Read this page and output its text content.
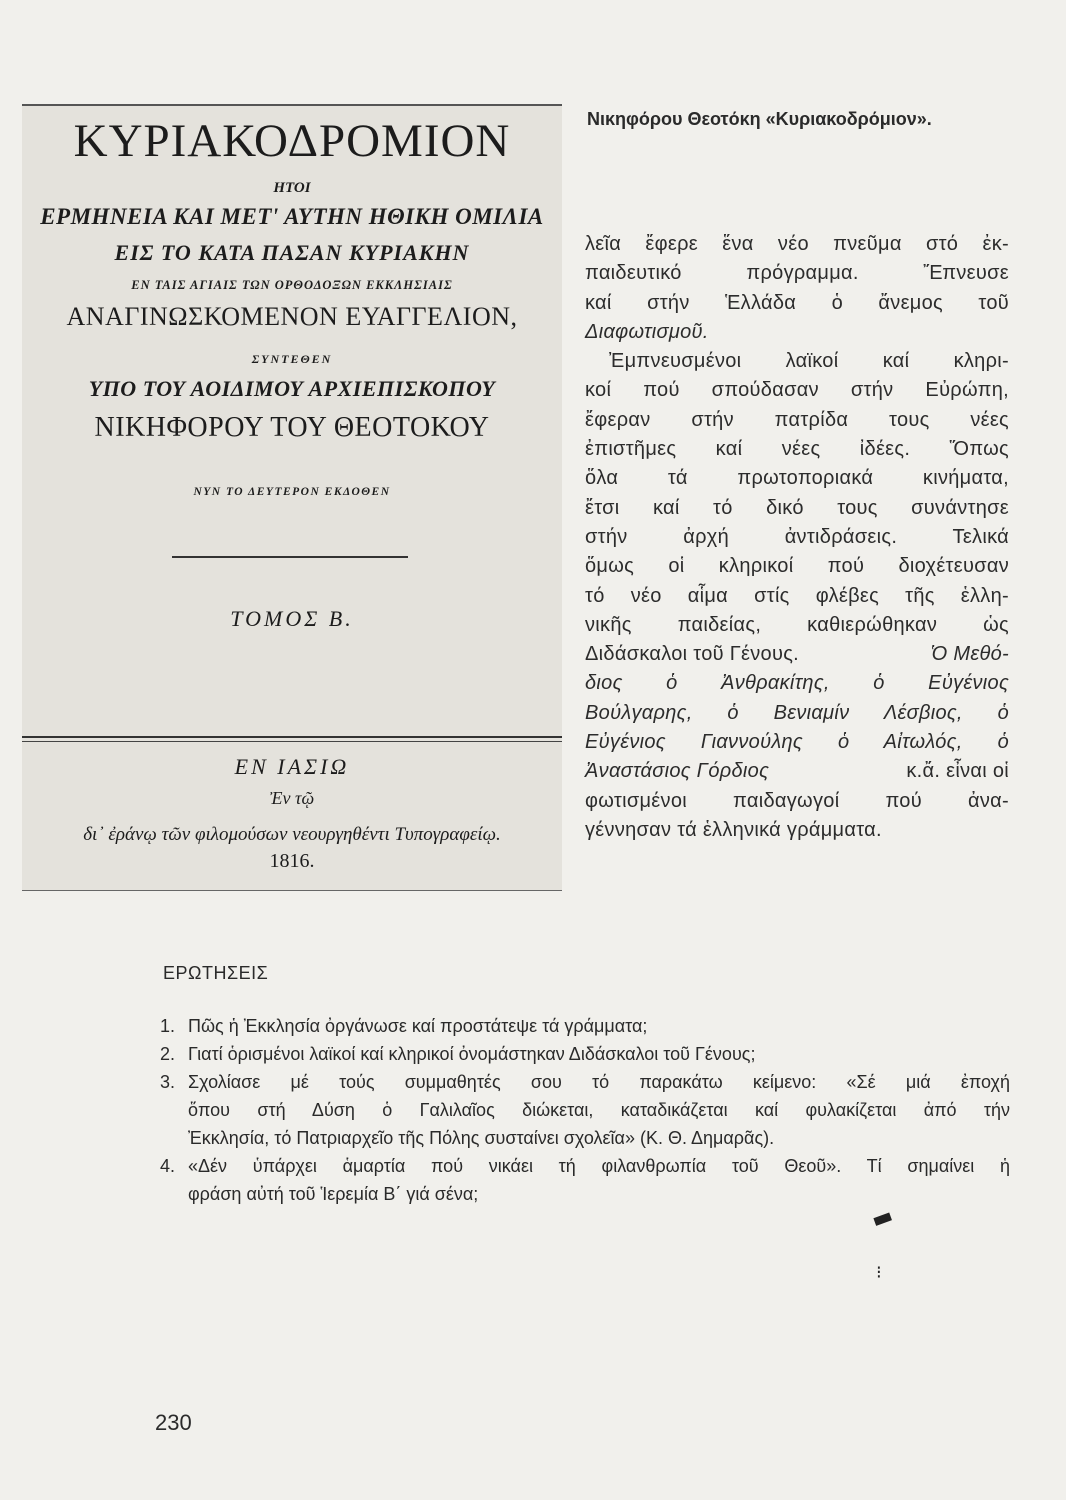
ΚΥΡΙΑΚΟΔΡΟΜΙΟΝ
ΗΤΟΙ
ΕΡΜΗΝΕΙΑ ΚΑΙ ΜΕΤ' ΑΥΤΗΝ ΗΘΙΚΗ ΟΜΙΛΙΑ
ΕΙΣ ΤΟ ΚΑΤΑ ΠΑΣΑΝ ΚΥΡΙΑΚΗΝ
ΕΝ ΤΑΙΣ ΑΓΙΑΙΣ ΤΩΝ ΟΡΘΟΔΟΞΩΝ ΕΚΚΛΗΣΙΑΙΣ
ΑΝΑΓΙΝΩΣΚΟΜΕΝΟΝ ΕΥΑΓΓΕΛΙΟΝ,
ΣΥΝΤΕΘΕΝ
ΥΠΟ ΤΟΥ ΑΟΙΔΙΜΟΥ ΑΡΧΙΕΠΙΣΚΟΠΟΥ
ΝΙΚΗΦΟΡΟΥ ΤΟΥ ΘΕΟΤΟΚΟΥ
ΝΥΝ ΤΟ ΔΕΥΤΕΡΟΝ ΕΚΔΟΘΕΝ
ΤΟΜΟΣ Β.
ΕΝ ΙΑΣΙΩ
Ἐν τῷ
δι᾽ ἐράνῳ τῶν φιλομούσων νεουργηθέντι Τυπογραφείῳ.
1816.
Νικηφόρου Θεοτόκη «Κυριακοδρόμιον».
λεῖα ἔφερε ἕνα νέο πνεῦμα στό ἐκ-
παιδευτικό πρόγραμμα. Ἔπνευσε
καί στήν Ἑλλάδα ὁ ἄνεμος τοῦ
Διαφωτισμοῦ.
Ἐμπνευσμένοι λαϊκοί καί κληρι-
κοί πού σπούδασαν στήν Εὐρώπη,
ἔφεραν στήν πατρίδα τους νέες
ἐπιστῆμες καί νέες ἰδέες. Ὅπως
ὅλα τά πρωτοποριακά κινήματα,
ἔτσι καί τό δικό τους συνάντησε
στήν ἀρχή ἀντιδράσεις. Τελικά
ὅμως οἱ κληρικοί πού διοχέτευσαν
τό νέο αἷμα στίς φλέβες τῆς ἑλλη-
νικῆς παιδείας, καθιερώθηκαν ὡς
Διδάσκαλοι τοῦ Γένους.	Ὁ Μεθό-
διος ὁ Ἀνθρακίτης, ὁ Εὐγένιος
Βούλγαρης, ὁ Βενιαμίν Λέσβιος, ὁ
Εὐγένιος Γιαννούλης ὁ Αἰτωλός, ὁ
Ἀναστάσιος Γόρδιος	κ.ἄ. εἶναι οἱ
φωτισμένοι παιδαγωγοί πού ἀνα-
γέννησαν τά ἑλληνικά γράμματα.
ΕΡΩΤΗΣΕΙΣ
1. Πῶς ἡ Ἐκκλησία ὀργάνωσε καί προστάτεψε τά γράμματα;
2. Γιατί ὁρισμένοι λαϊκοί καί κληρικοί ὀνομάστηκαν Διδάσκαλοι τοῦ Γένους;
3. Σχολίασε μέ τούς συμμαθητές σου τό παρακάτω κείμενο: «Σέ μιά ἐποχή
ὅπου στή Δύση ὁ Γαλιλαῖος διώκεται, καταδικάζεται καί φυλακίζεται ἀπό τήν
Ἐκκλησία, τό Πατριαρχεῖο τῆς Πόλης συσταίνει σχολεῖα» (Κ. Θ. Δημαρᾶς).
4. «Δέν ὑπάρχει ἁμαρτία πού νικάει τή φιλανθρωπία τοῦ Θεοῦ». Τί σημαίνει ἡ
φράση αὐτή τοῦ Ἱερεμία Β΄ γιά σένα;
▬
⁝
230
